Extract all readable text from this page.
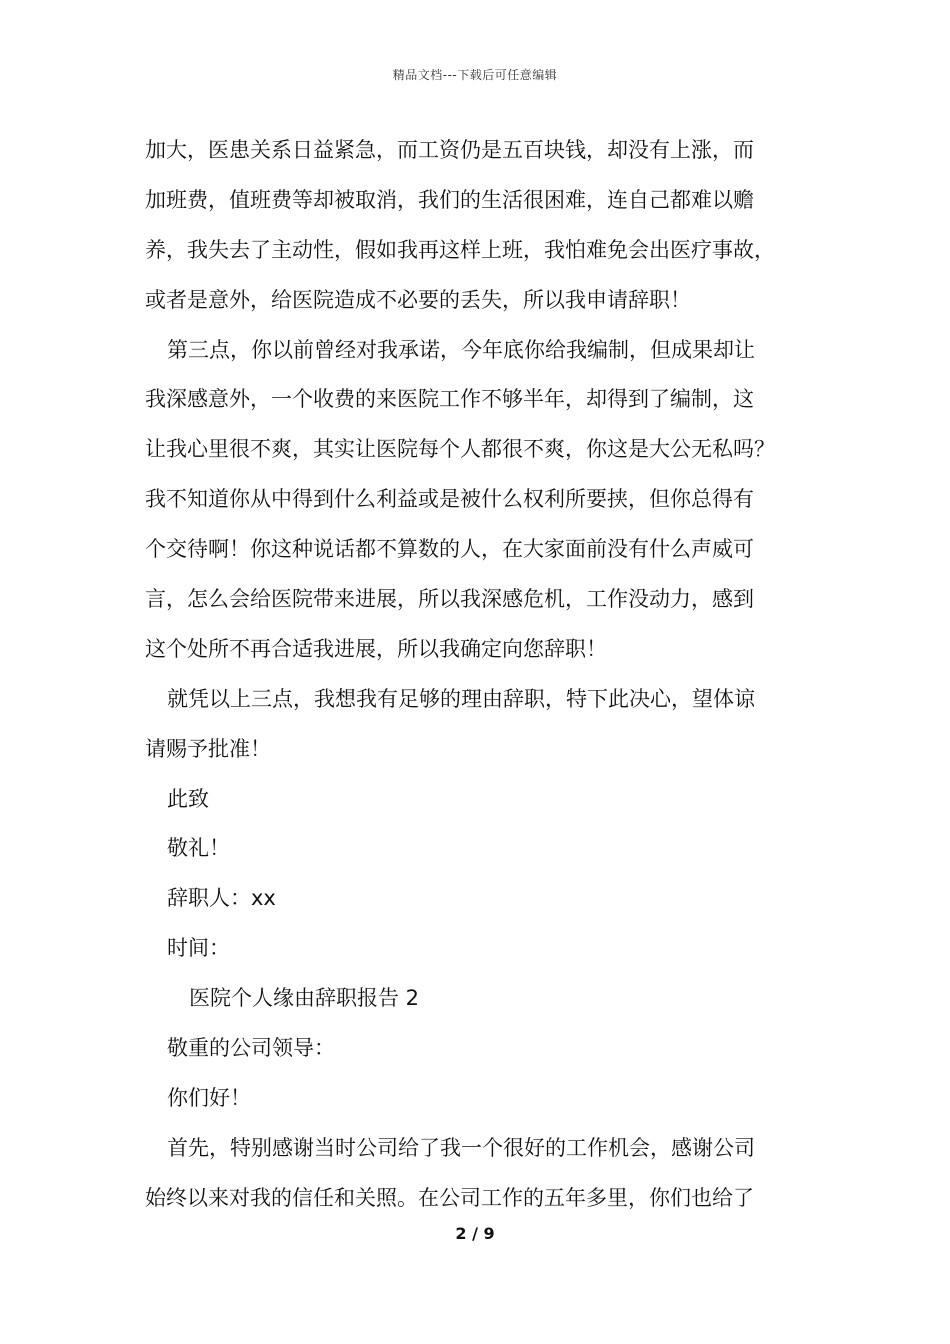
精品文档---下载后可任意编辑
加大，医患关系日益紧急，而工资仍是五百块钱，却没有上涨，而
加班费，值班费等却被取消，我们的生活很困难，连自己都难以赡
养，我失去了主动性，假如我再这样上班，我怕难免会出医疗事故，
或者是意外，给医院造成不必要的丢失，所以我申请辞职！
第三点，你以前曾经对我承诺，今年底你给我编制，但成果却让
我深感意外，一个收费的来医院工作不够半年，却得到了编制，这
让我心里很不爽，其实让医院每个人都很不爽，你这是大公无私吗？
我不知道你从中得到什么利益或是被什么权利所要挟，但你总得有
个交待啊！你这种说话都不算数的人，在大家面前没有什么声威可
言，怎么会给医院带来进展，所以我深感危机，工作没动力，感到
这个处所不再合适我进展，所以我确定向您辞职！
就凭以上三点，我想我有足够的理由辞职，特下此决心，望体谅
请赐予批准！
此致
敬礼！
辞职人：xx
时间：
医院个人缘由辞职报告 2
敬重的公司领导：
你们好！
首先，特别感谢当时公司给了我一个很好的工作机会，感谢公司
始终以来对我的信任和关照。在公司工作的五年多里，你们也给了
2 / 9
